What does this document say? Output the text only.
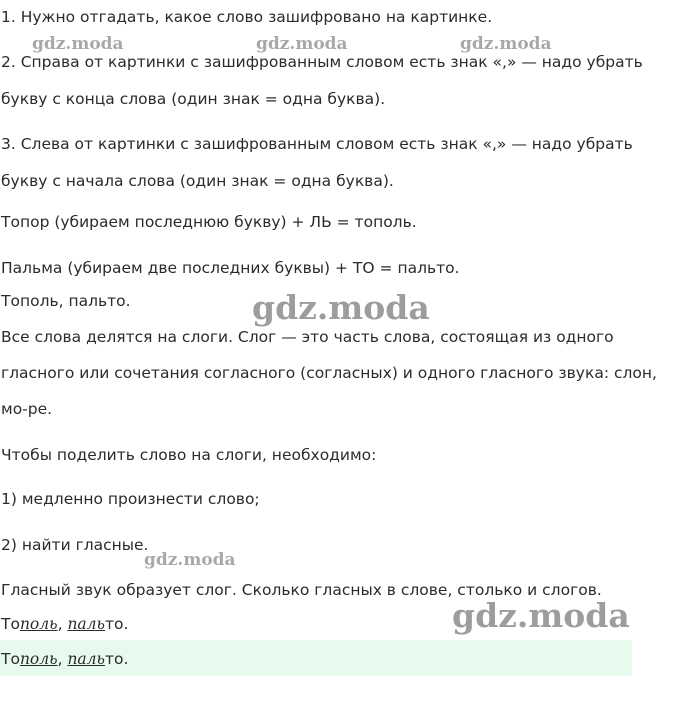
1. Нужно отгадать, какое слово зашифровано на картинке.
2. Справа от картинки с зашифрованным словом есть знак «,» — надо убрать
букву с конца слова (один знак = одна буква).
3. Слева от картинки с зашифрованным словом есть знак «,» — надо убрать
букву с начала слова (один знак = одна буква).
Топор (убираем последнюю букву) + ЛЬ = тополь.
Пальма (убираем две последних буквы) + ТО = пальто.
Тополь, пальто.
Все слова делятся на слоги. Слог — это часть слова, состоящая из одного
гласного или сочетания согласного (согласных) и одного гласного звука: слон,
мо-ре.
Чтобы поделить слово на слоги, необходимо:
1) медленно произнести слово;
2) найти гласные.
Гласный звук образует слог. Сколько гласных в слове, столько и слогов.
Тополь, пальто.
Тополь, пальто.
gdz.moda	gdz.moda	gdz.moda
gdz.moda
gdz.moda
gdz.moda
